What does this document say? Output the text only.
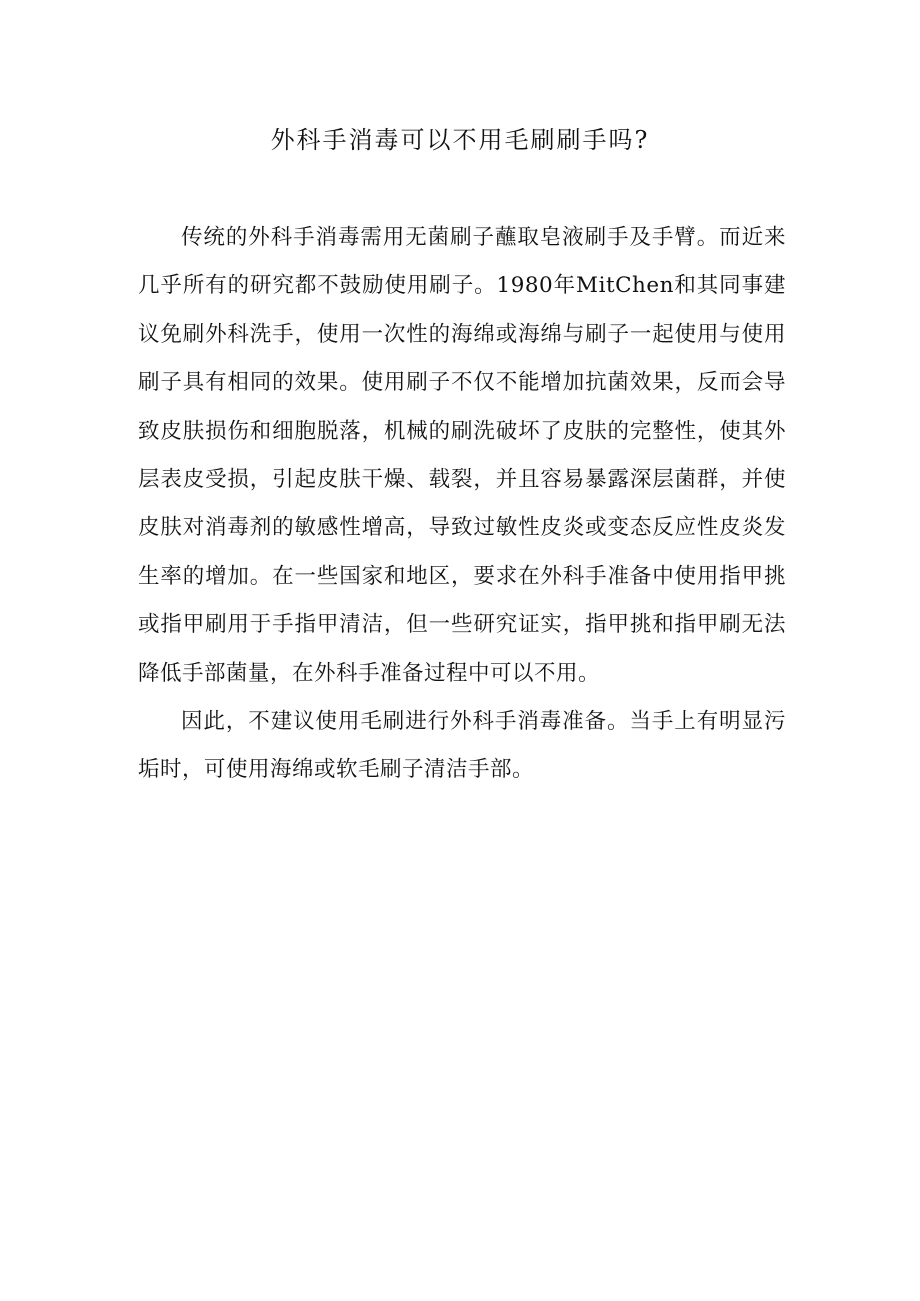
外科手消毒可以不用毛刷刷手吗?

传统的外科手消毒需用无菌刷子蘸取皂液刷手及手臂。而近来几乎所有的研究都不鼓励使用刷子。1980年MitChen和其同事建议免刷外科洗手，使用一次性的海绵或海绵与刷子一起使用与使用刷子具有相同的效果。使用刷子不仅不能增加抗菌效果，反而会导致皮肤损伤和细胞脱落，机械的刷洗破坏了皮肤的完整性，使其外层表皮受损，引起皮肤干燥、载裂，并且容易暴露深层菌群，并使皮肤对消毒剂的敏感性增高，导致过敏性皮炎或变态反应性皮炎发生率的增加。在一些国家和地区，要求在外科手准备中使用指甲挑或指甲刷用于手指甲清洁，但一些研究证实，指甲挑和指甲刷无法降低手部菌量，在外科手准备过程中可以不用。

因此，不建议使用毛刷进行外科手消毒准备。当手上有明显污垢时，可使用海绵或软毛刷子清洁手部。
